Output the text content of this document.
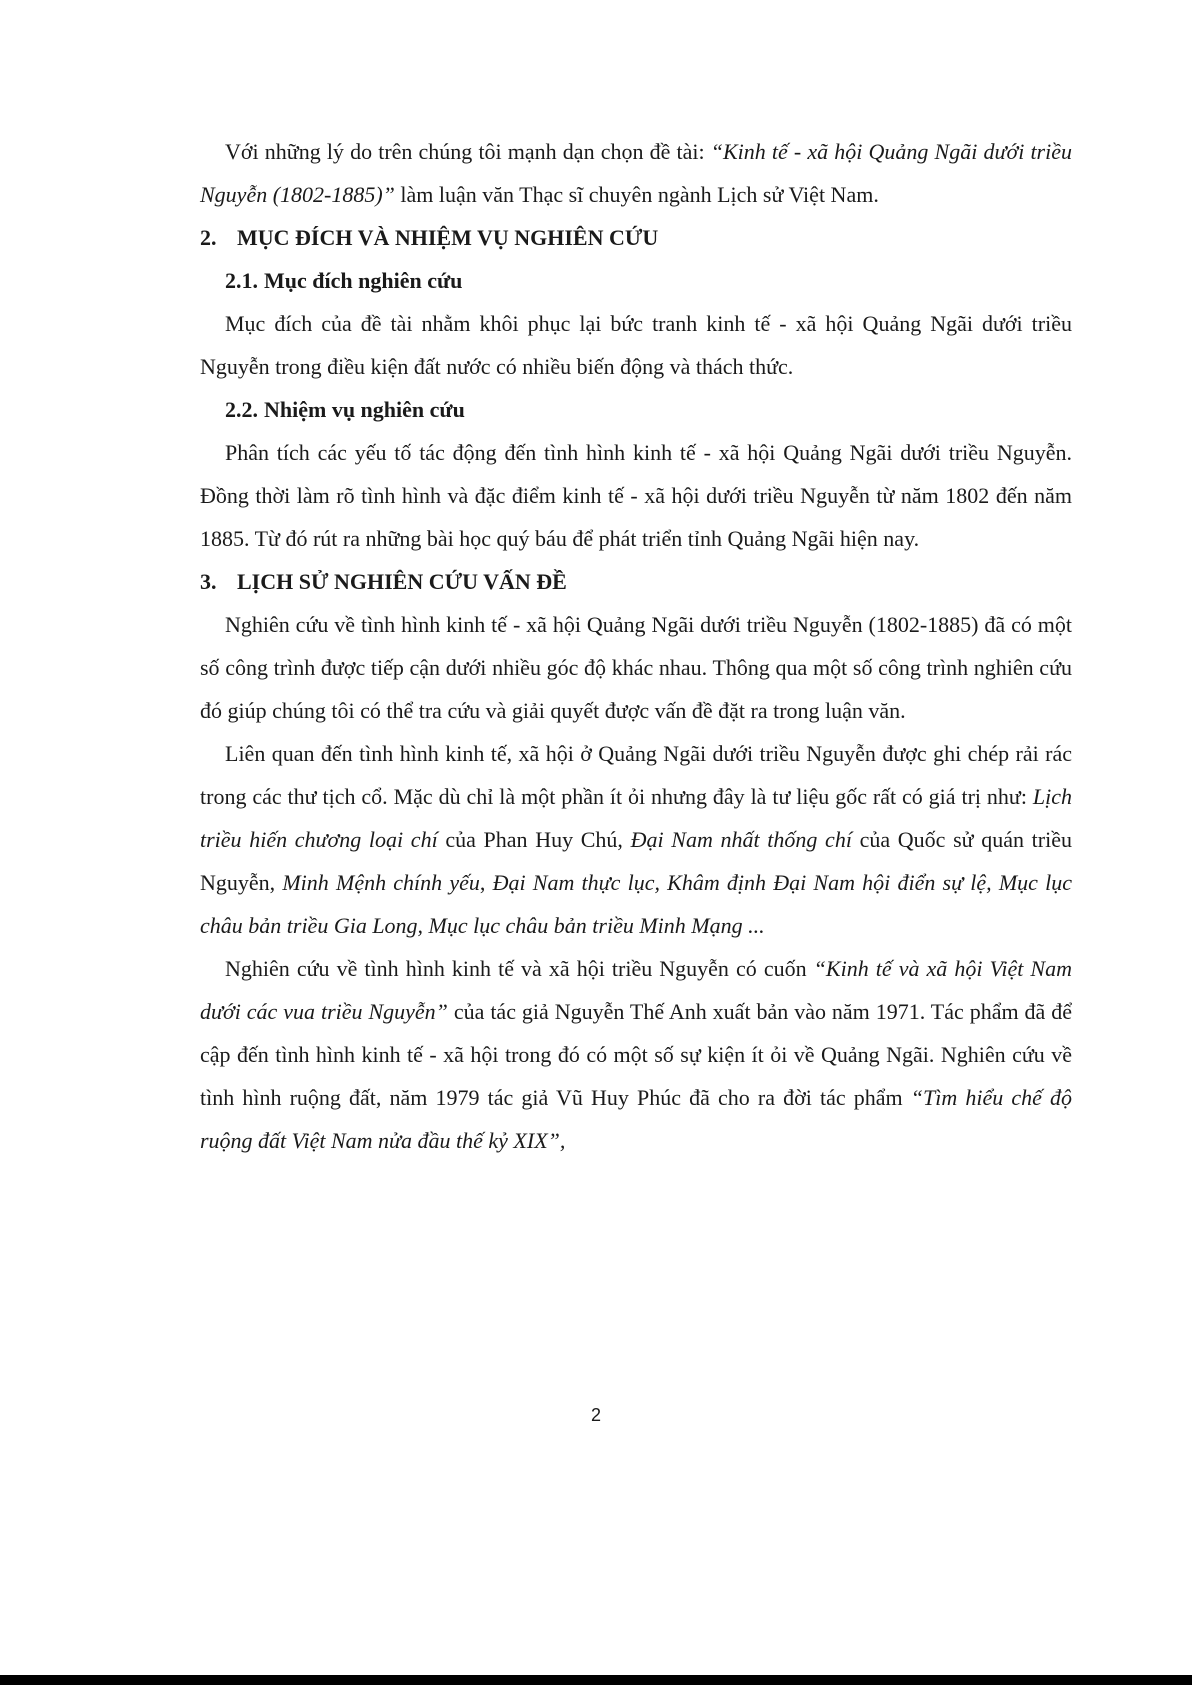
Với những lý do trên chúng tôi mạnh dạn chọn đề tài: “Kinh tế - xã hội Quảng Ngãi dưới triều Nguyễn (1802-1885)” làm luận văn Thạc sĩ chuyên ngành Lịch sử Việt Nam.

2. MỤC ĐÍCH VÀ NHIỆM VỤ NGHIÊN CỨU
2.1. Mục đích nghiên cứu

Mục đích của đề tài nhằm khôi phục lại bức tranh kinh tế - xã hội Quảng Ngãi dưới triều Nguyễn trong điều kiện đất nước có nhiều biến động và thách thức.

2.2. Nhiệm vụ nghiên cứu

Phân tích các yếu tố tác động đến tình hình kinh tế - xã hội Quảng Ngãi dưới triều Nguyễn. Đồng thời làm rõ tình hình và đặc điểm kinh tế - xã hội dưới triều Nguyễn từ năm 1802 đến năm 1885. Từ đó rút ra những bài học quý báu để phát triển tỉnh Quảng Ngãi hiện nay.

3. LỊCH SỬ NGHIÊN CỨU VẤN ĐỀ

Nghiên cứu về tình hình kinh tế - xã hội Quảng Ngãi dưới triều Nguyễn (1802-1885) đã có một số công trình được tiếp cận dưới nhiều góc độ khác nhau. Thông qua một số công trình nghiên cứu đó giúp chúng tôi có thể tra cứu và giải quyết được vấn đề đặt ra trong luận văn.

Liên quan đến tình hình kinh tế, xã hội ở Quảng Ngãi dưới triều Nguyễn được ghi chép rải rác trong các thư tịch cổ. Mặc dù chỉ là một phần ít ỏi nhưng đây là tư liệu gốc rất có giá trị như: Lịch triều hiến chương loại chí của Phan Huy Chú, Đại Nam nhất thống chí của Quốc sử quán triều Nguyễn, Minh Mệnh chính yếu, Đại Nam thực lục, Khâm định Đại Nam hội điển sự lệ, Mục lục châu bản triều Gia Long, Mục lục châu bản triều Minh Mạng ...

Nghiên cứu về tình hình kinh tế và xã hội triều Nguyễn có cuốn “Kinh tế và xã hội Việt Nam dưới các vua triều Nguyễn” của tác giả Nguyễn Thế Anh xuất bản vào năm 1971. Tác phẩm đã để cập đến tình hình kinh tế - xã hội trong đó có một số sự kiện ít ỏi về Quảng Ngãi. Nghiên cứu về tình hình ruộng đất, năm 1979 tác giả Vũ Huy Phúc đã cho ra đời tác phẩm “Tìm hiểu chế độ ruộng đất Việt Nam nửa đầu thế kỷ XIX”,

2
